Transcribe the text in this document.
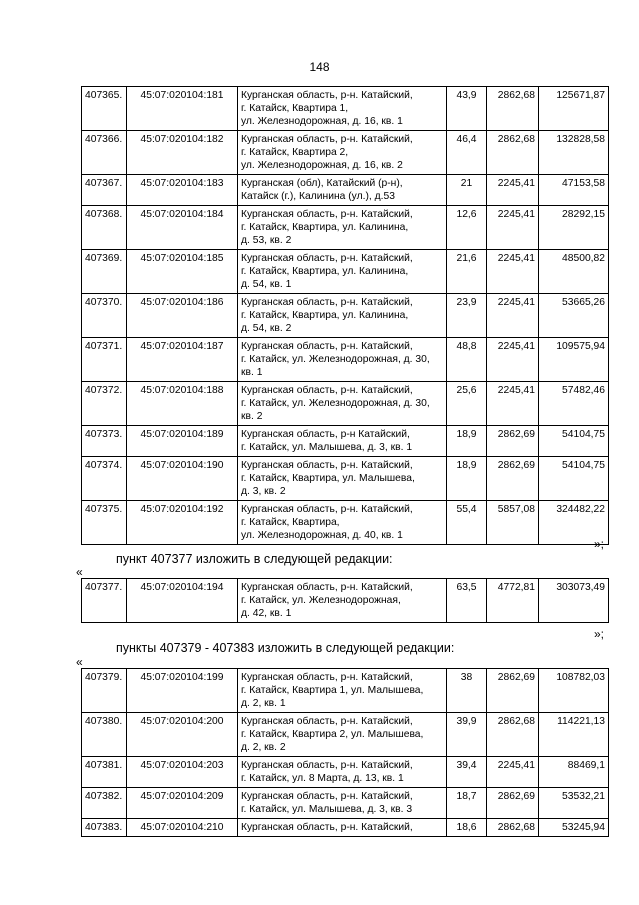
148
407365.	45:07:020104:181	Курганская область, р-н. Катайский,
г. Катайск, Квартира 1,
ул. Железнодорожная, д. 16, кв. 1	43,9	2862,68	125671,87
407366.	45:07:020104:182	Курганская область, р-н. Катайский,
г. Катайск, Квартира 2,
ул. Железнодорожная, д. 16, кв. 2	46,4	2862,68	132828,58
407367.	45:07:020104:183	Курганская (обл), Катайский (р-н),
Катайск (г.), Калинина (ул.), д.53	21	2245,41	47153,58
407368.	45:07:020104:184	Курганская область, р-н. Катайский,
г. Катайск, Квартира, ул. Калинина,
д. 53, кв. 2	12,6	2245,41	28292,15
407369.	45:07:020104:185	Курганская область, р-н. Катайский,
г. Катайск, Квартира, ул. Калинина,
д. 54, кв. 1	21,6	2245,41	48500,82
407370.	45:07:020104:186	Курганская область, р-н. Катайский,
г. Катайск, Квартира, ул. Калинина,
д. 54, кв. 2	23,9	2245,41	53665,26
407371.	45:07:020104:187	Курганская область, р-н. Катайский,
г. Катайск, ул. Железнодорожная, д. 30,
кв. 1	48,8	2245,41	109575,94
407372.	45:07:020104:188	Курганская область, р-н. Катайский,
г. Катайск, ул. Железнодорожная, д. 30,
кв. 2	25,6	2245,41	57482,46
407373.	45:07:020104:189	Курганская область, р-н Катайский,
г. Катайск, ул. Малышева, д. 3, кв. 1	18,9	2862,69	54104,75
407374.	45:07:020104:190	Курганская область, р-н. Катайский,
г. Катайск, Квартира, ул. Малышева,
д. 3, кв. 2	18,9	2862,69	54104,75
407375.	45:07:020104:192	Курганская область, р-н. Катайский,
г. Катайск, Квартира,
ул. Железнодорожная, д. 40, кв. 1	55,4	5857,08	324482,22
»;
пункт 407377 изложить в следующей редакции:
«
407377.	45:07:020104:194	Курганская область, р-н. Катайский,
г. Катайск, ул. Железнодорожная,
д. 42, кв. 1	63,5	4772,81	303073,49
»;
пункты 407379 - 407383 изложить в следующей редакции:
«
407379.	45:07:020104:199	Курганская область, р-н. Катайский,
г. Катайск, Квартира 1, ул. Малышева,
д. 2, кв. 1	38	2862,69	108782,03
407380.	45:07:020104:200	Курганская область, р-н. Катайский,
г. Катайск, Квартира 2, ул. Малышева,
д. 2, кв. 2	39,9	2862,68	114221,13
407381.	45:07:020104:203	Курганская область, р-н. Катайский,
г. Катайск, ул. 8 Марта, д. 13, кв. 1	39,4	2245,41	88469,1
407382.	45:07:020104:209	Курганская область, р-н. Катайский,
г. Катайск, ул. Малышева, д. 3, кв. 3	18,7	2862,69	53532,21
407383.	45:07:020104:210	Курганская область, р-н. Катайский,	18,6	2862,68	53245,94
